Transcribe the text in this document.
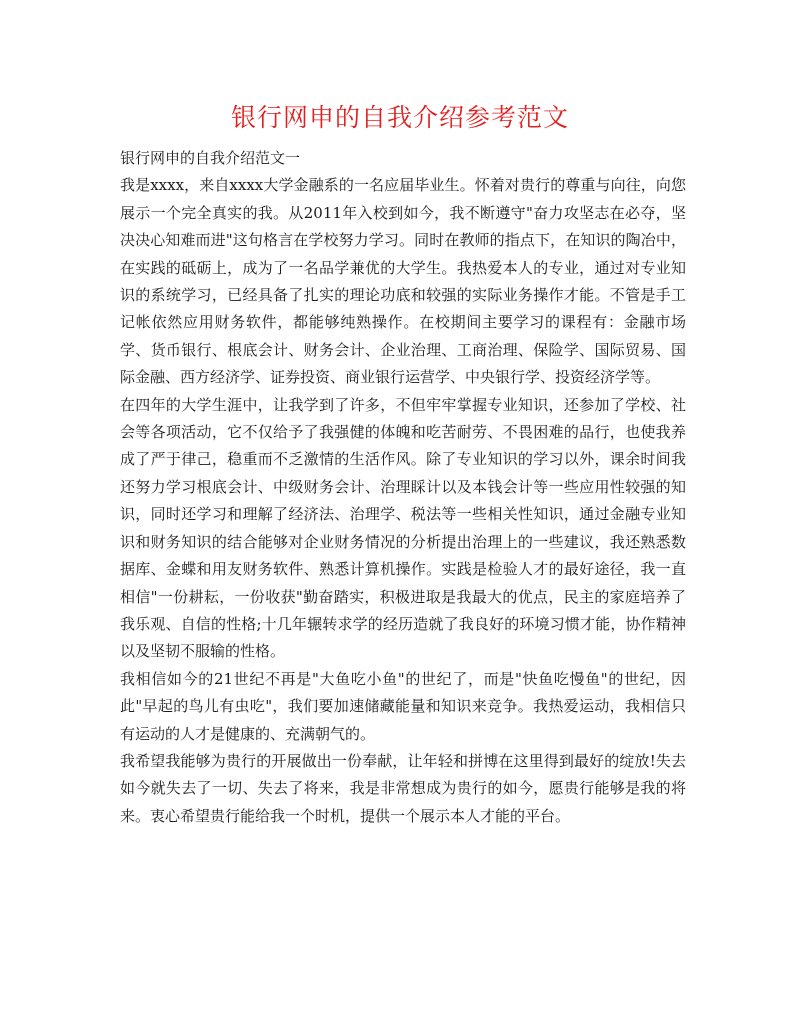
银行网申的自我介绍参考范文

银行网申的自我介绍范文一

我是xxxx，来自xxxx大学金融系的一名应届毕业生。怀着对贵行的尊重与向往，向您展示一个完全真实的我。从2011年入校到如今，我不断遵守"奋力攻坚志在必夺，坚决决心知难而进"这句格言在学校努力学习。同时在教师的指点下，在知识的陶冶中，在实践的砥砺上，成为了一名品学兼优的大学生。我热爱本人的专业，通过对专业知识的系统学习，已经具备了扎实的理论功底和较强的实际业务操作才能。不管是手工记帐依然应用财务软件，都能够纯熟操作。在校期间主要学习的课程有：金融市场学、货币银行、根底会计、财务会计、企业治理、工商治理、保险学、国际贸易、国际金融、西方经济学、证券投资、商业银行运营学、中央银行学、投资经济学等。

在四年的大学生涯中，让我学到了许多，不但牢牢掌握专业知识，还参加了学校、社会等各项活动，它不仅给予了我强健的体魄和吃苦耐劳、不畏困难的品行，也使我养成了严于律己，稳重而不乏激情的生活作风。除了专业知识的学习以外，课余时间我还努力学习根底会计、中级财务会计、治理睬计以及本钱会计等一些应用性较强的知识，同时还学习和理解了经济法、治理学、税法等一些相关性知识，通过金融专业知识和财务知识的结合能够对企业财务情况的分析提出治理上的一些建议，我还熟悉数据库、金蝶和用友财务软件、熟悉计算机操作。实践是检验人才的最好途径，我一直相信"一份耕耘，一份收获"勤奋踏实，积极进取是我最大的优点，民主的家庭培养了我乐观、自信的性格;十几年辗转求学的经历造就了我良好的环境习惯才能，协作精神以及坚韧不服输的性格。

我相信如今的21世纪不再是"大鱼吃小鱼"的世纪了，而是"快鱼吃慢鱼"的世纪，因此"早起的鸟儿有虫吃"，我们要加速储藏能量和知识来竞争。我热爱运动，我相信只有运动的人才是健康的、充满朝气的。

我希望我能够为贵行的开展做出一份奉献，让年轻和拼博在这里得到最好的绽放!失去如今就失去了一切、失去了将来，我是非常想成为贵行的如今，愿贵行能够是我的将来。衷心希望贵行能给我一个时机，提供一个展示本人才能的平台。
